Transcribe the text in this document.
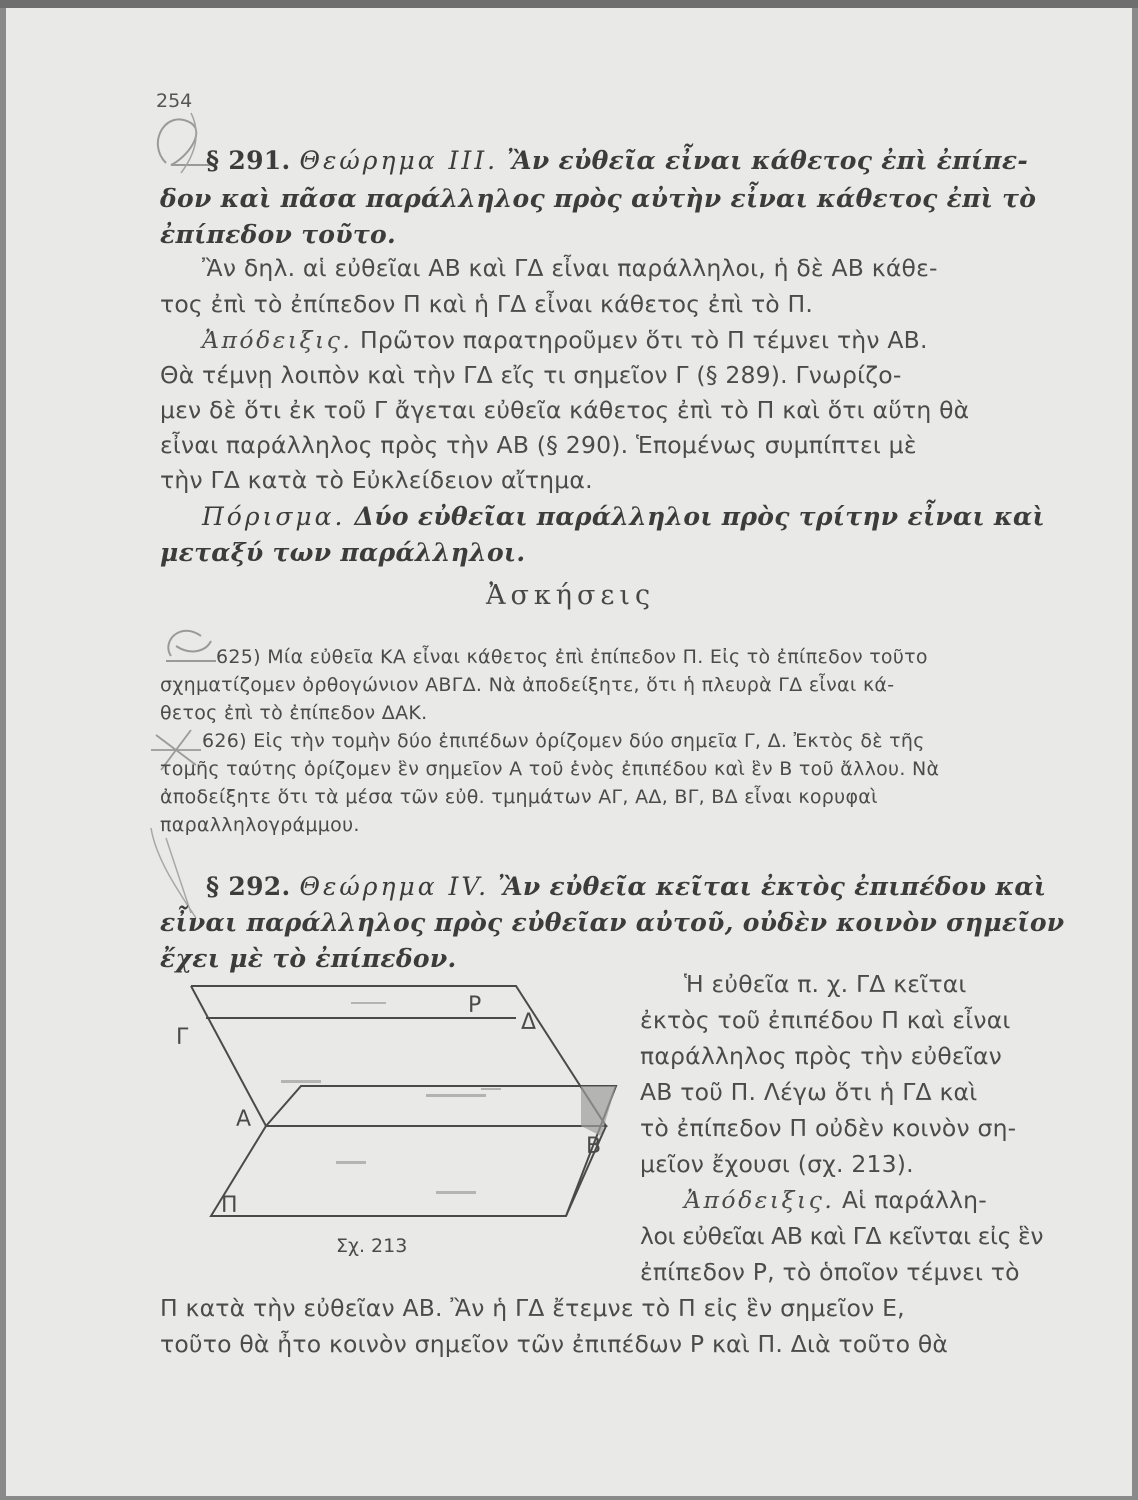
254
§ 291. Θεώρημα III. Ἂν εὐθεῖα εἶναι κάθετος ἐπὶ ἐπίπε-
δον καὶ πᾶσα παράλληλος πρὸς αὐτὴν εἶναι κάθετος ἐπὶ τὸ
ἐπίπεδον τοῦτο.
Ἂν δηλ. αἱ εὐθεῖαι ΑΒ καὶ ΓΔ εἶναι παράλληλοι, ἡ δὲ ΑΒ κάθε-
τος ἐπὶ τὸ ἐπίπεδον Π καὶ ἡ ΓΔ εἶναι κάθετος ἐπὶ τὸ Π.
Ἀπόδειξις. Πρῶτον παρατηροῦμεν ὅτι τὸ Π τέμνει τὴν ΑΒ.
Θὰ τέμνῃ λοιπὸν καὶ τὴν ΓΔ εἴς τι σημεῖον Γ (§ 289). Γνωρίζο-
μεν δὲ ὅτι ἐκ τοῦ Γ ἄγεται εὐθεῖα κάθετος ἐπὶ τὸ Π καὶ ὅτι αὕτη θὰ
εἶναι παράλληλος πρὸς τὴν ΑΒ (§ 290). Ἑπομένως συμπίπτει μὲ
τὴν ΓΔ κατὰ τὸ Εὐκλείδειον αἴτημα.
Πόρισμα. Δύο εὐθεῖαι παράλληλοι πρὸς τρίτην εἶναι καὶ
μεταξύ των παράλληλοι.
Ἀσκήσεις
625) Μία εὐθεῖα ΚΑ εἶναι κάθετος ἐπὶ ἐπίπεδον Π. Εἰς τὸ ἐπίπεδον τοῦτο
σχηματίζομεν ὀρθογώνιον ΑΒΓΔ. Νὰ ἀποδείξητε, ὅτι ἡ πλευρὰ ΓΔ εἶναι κά-
θετος ἐπὶ τὸ ἐπίπεδον ΔΑΚ.
626) Εἰς τὴν τομὴν δύο ἐπιπέδων ὁρίζομεν δύο σημεῖα Γ, Δ. Ἐκτὸς δὲ τῆς
τομῆς ταύτης ὁρίζομεν ἓν σημεῖον Α τοῦ ἑνὸς ἐπιπέδου καὶ ἓν Β τοῦ ἄλλου. Νὰ
ἀποδείξητε ὅτι τὰ μέσα τῶν εὐθ. τμημάτων ΑΓ, ΑΔ, ΒΓ, ΒΔ εἶναι κορυφαὶ
παραλληλογράμμου.
§ 292. Θεώρημα IV. Ἂν εὐθεῖα κεῖται ἐκτὸς ἐπιπέδου καὶ
εἶναι παράλληλος πρὸς εὐθεῖαν αὐτοῦ, οὐδὲν κοινὸν σημεῖον
ἔχει μὲ τὸ ἐπίπεδον.
Ρ
Δ
Γ
Α
Β
Π
Σχ. 213
Ἡ εὐθεῖα π. χ. ΓΔ κεῖται
ἐκτὸς τοῦ ἐπιπέδου Π καὶ εἶναι
παράλληλος πρὸς τὴν εὐθεῖαν
ΑΒ τοῦ Π. Λέγω ὅτι ἡ ΓΔ καὶ
τὸ ἐπίπεδον Π οὐδὲν κοινὸν ση-
μεῖον ἔχουσι (σχ. 213).
Ἀπόδειξις. Αἱ παράλλη-
λοι εὐθεῖαι ΑΒ καὶ ΓΔ κεῖνται εἰς ἓν
ἐπίπεδον Ρ, τὸ ὁποῖον τέμνει τὸ
Π κατὰ τὴν εὐθεῖαν ΑΒ. Ἂν ἡ ΓΔ ἔτεμνε τὸ Π εἰς ἓν σημεῖον Ε,
τοῦτο θὰ ἦτο κοινὸν σημεῖον τῶν ἐπιπέδων Ρ καὶ Π. Διὰ τοῦτο θὰ
